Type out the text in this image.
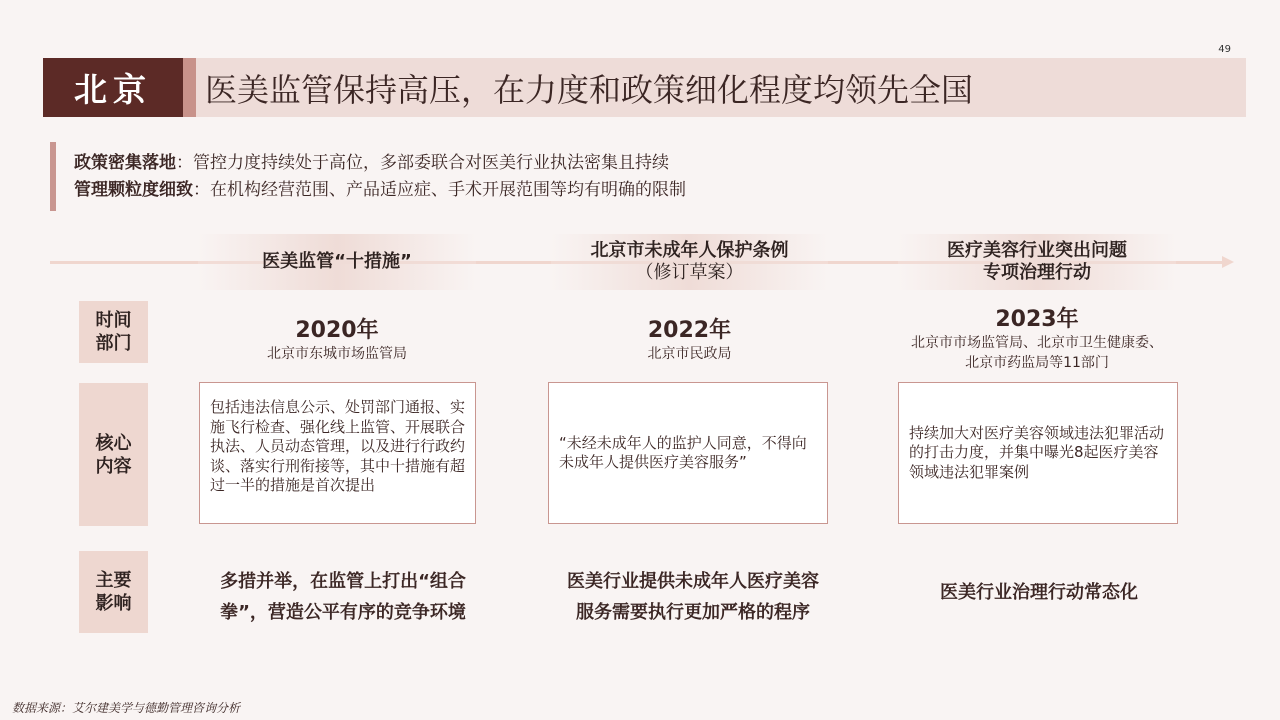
49
北京	医美监管保持高压，在力度和政策细化程度均领先全国
政策密集落地：管控力度持续处于高位，多部委联合对医美行业执法密集且持续
管理颗粒度细致：在机构经营范围、产品适应症、手术开展范围等均有明确的限制
医美监管“十措施”
北京市未成年人保护条例
（修订草案）
医疗美容行业突出问题
专项治理行动
时间
部门
核心
内容
主要
影响
2020年
北京市东城市场监管局
2022年
北京市民政局
2023年
北京市市场监管局、北京市卫生健康委、
北京市药监局等11部门
包括违法信息公示、处罚部门通报、实施飞行检查、强化线上监管、开展联合执法、人员动态管理，以及进行行政约谈、落实行刑衔接等，其中十措施有超过一半的措施是首次提出
“未经未成年人的监护人同意，不得向未成年人提供医疗美容服务”
持续加大对医疗美容领域违法犯罪活动的打击力度，并集中曝光8起医疗美容领域违法犯罪案例
多措并举，在监管上打出“组合
拳”，营造公平有序的竞争环境
医美行业提供未成年人医疗美容
服务需要执行更加严格的程序
医美行业治理行动常态化
数据来源：艾尔建美学与德勤管理咨询分析
